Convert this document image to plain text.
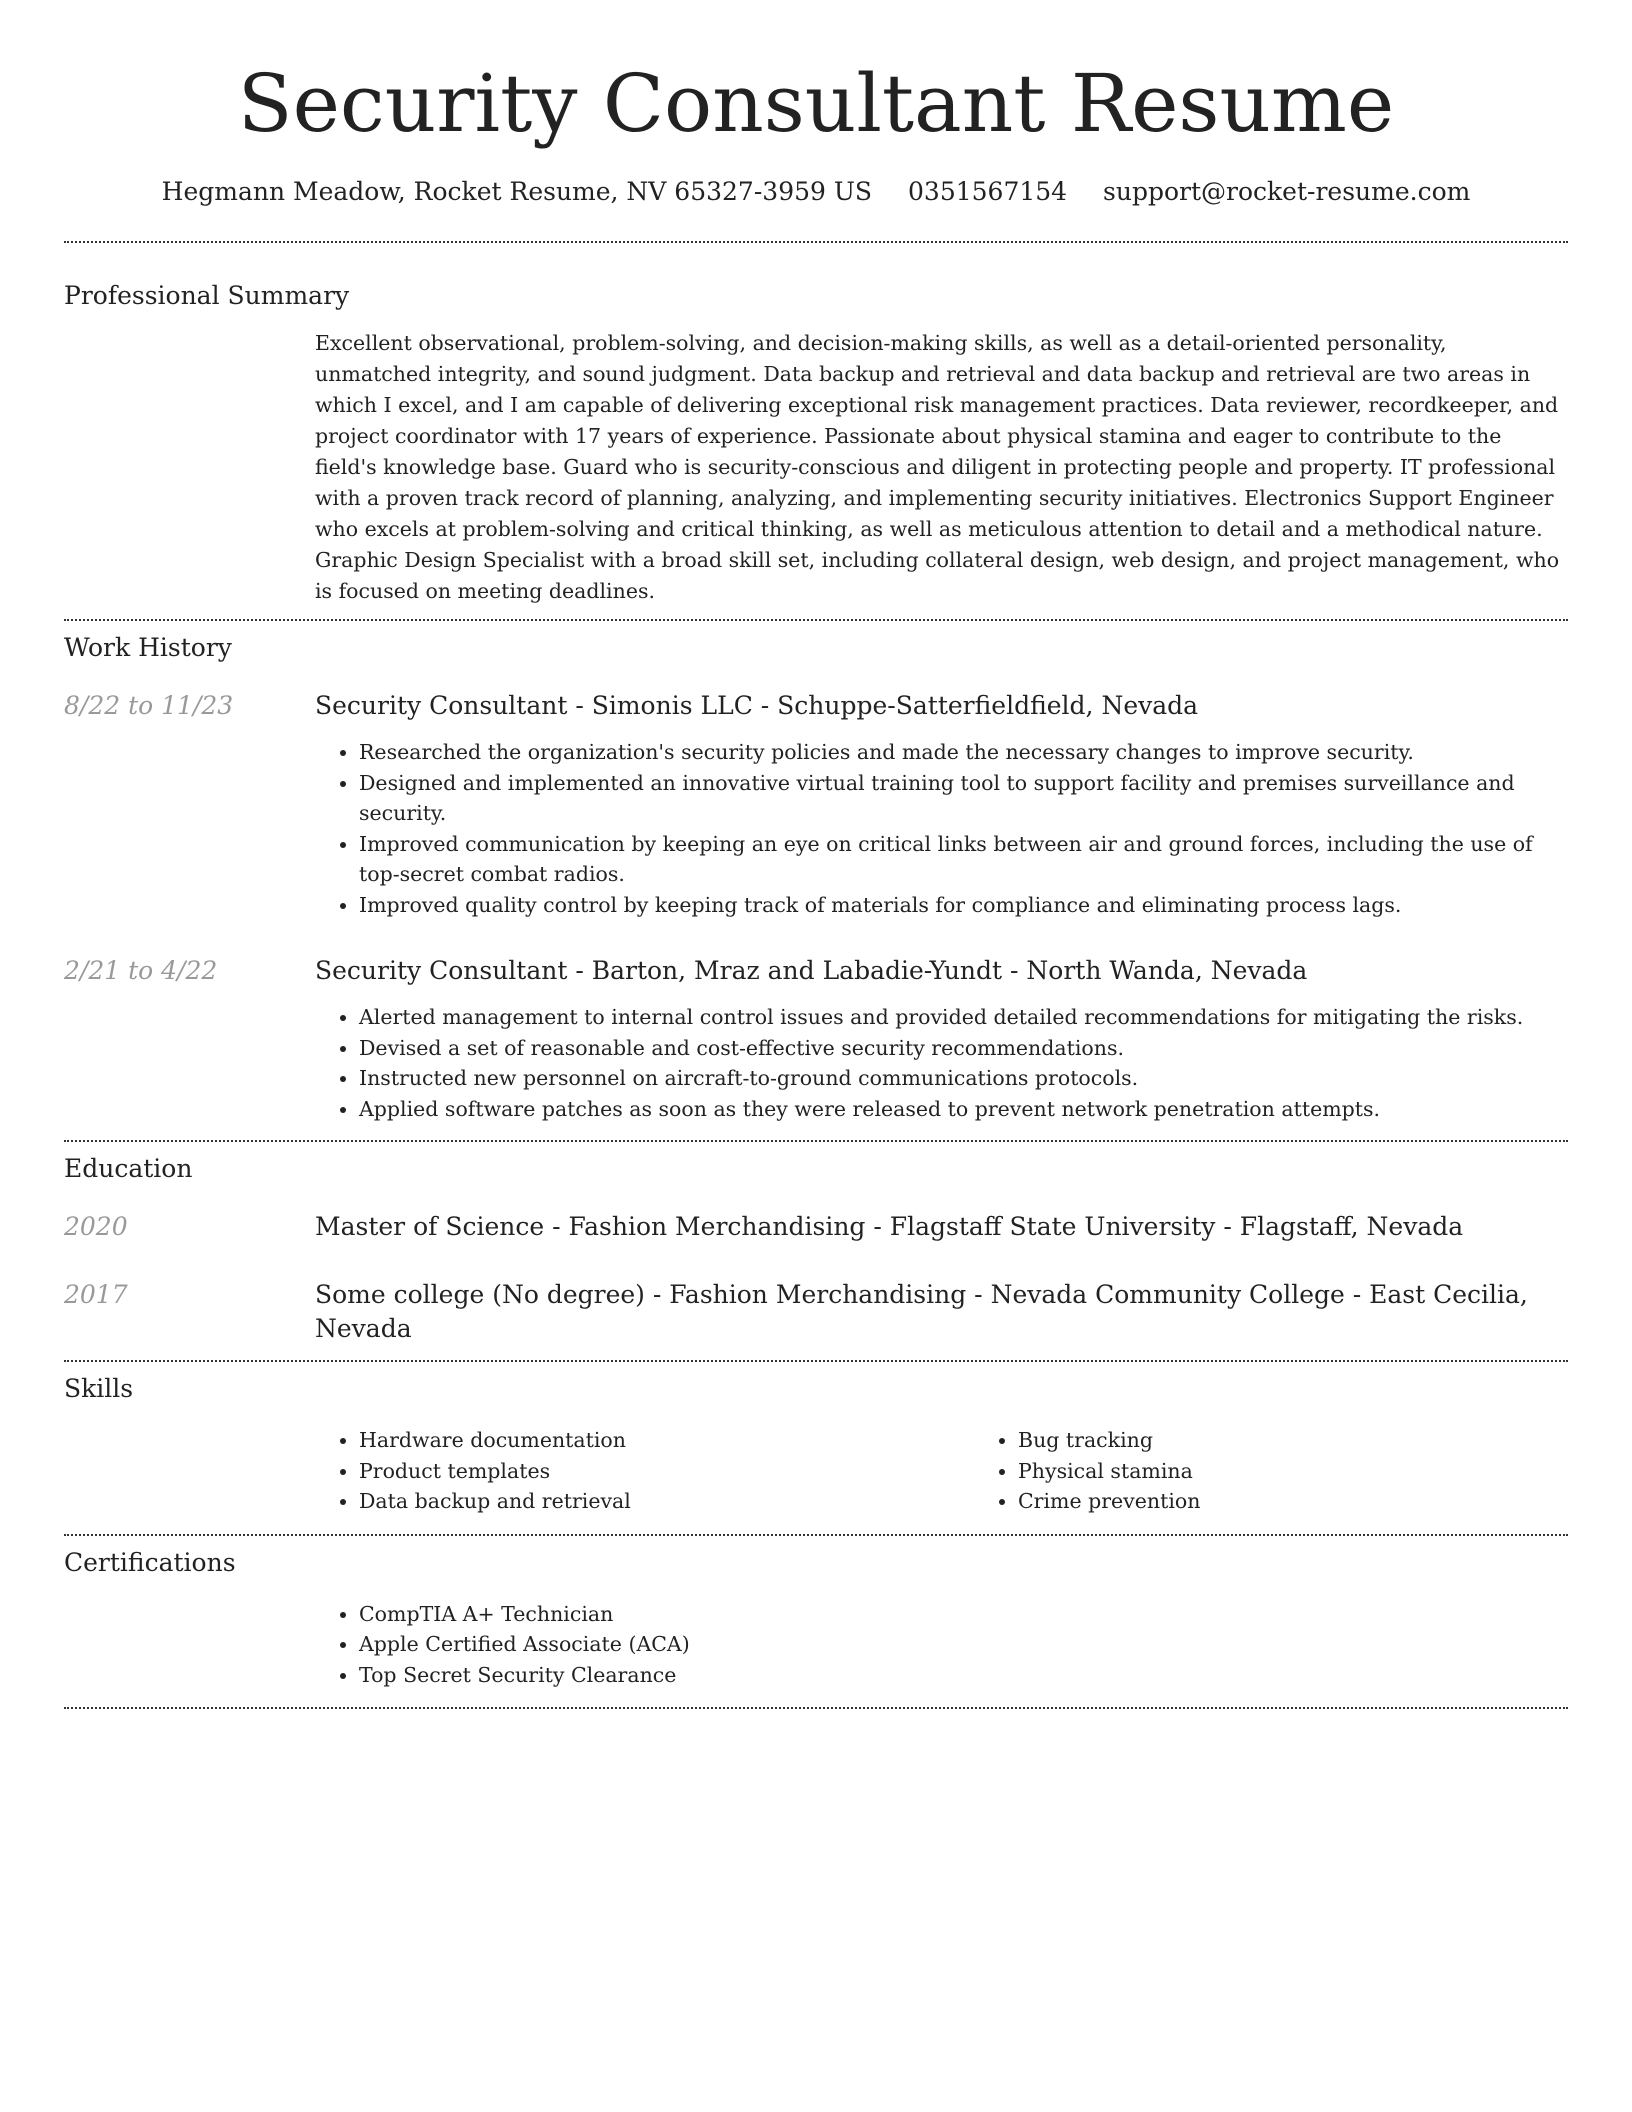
Security Consultant Resume
Hegmann Meadow, Rocket Resume, NV 65327-3959 US 0351567154 support@rocket-resume.com
Professional Summary

Excellent observational, problem-solving, and decision-making skills, as well as a detail-oriented personality, unmatched integrity, and sound judgment. Data backup and retrieval and data backup and retrieval are two areas in which I excel, and I am capable of delivering exceptional risk management practices. Data reviewer, recordkeeper, and project coordinator with 17 years of experience. Passionate about physical stamina and eager to contribute to the field's knowledge base. Guard who is security-conscious and diligent in protecting people and property. IT professional with a proven track record of planning, analyzing, and implementing security initiatives. Electronics Support Engineer who excels at problem-solving and critical thinking, as well as meticulous attention to detail and a methodical nature. Graphic Design Specialist with a broad skill set, including collateral design, web design, and project management, who is focused on meeting deadlines.

Work History
8/22 to 11/23	Security Consultant - Simonis LLC - Schuppe-Satterfieldfield, Nevada
• Researched the organization's security policies and made the necessary changes to improve security.
• Designed and implemented an innovative virtual training tool to support facility and premises surveillance and security.
• Improved communication by keeping an eye on critical links between air and ground forces, including the use of top-secret combat radios.
• Improved quality control by keeping track of materials for compliance and eliminating process lags.
2/21 to 4/22	Security Consultant - Barton, Mraz and Labadie-Yundt - North Wanda, Nevada
• Alerted management to internal control issues and provided detailed recommendations for mitigating the risks.
• Devised a set of reasonable and cost-effective security recommendations.
• Instructed new personnel on aircraft-to-ground communications protocols.
• Applied software patches as soon as they were released to prevent network penetration attempts.
Education
2020	Master of Science - Fashion Merchandising - Flagstaff State University - Flagstaff, Nevada
2017	Some college (No degree) - Fashion Merchandising - Nevada Community College - East Cecilia, Nevada
Skills
• Hardware documentation
• Product templates
• Data backup and retrieval
• Bug tracking
• Physical stamina
• Crime prevention
Certifications
• CompTIA A+ Technician
• Apple Certified Associate (ACA)
• Top Secret Security Clearance
